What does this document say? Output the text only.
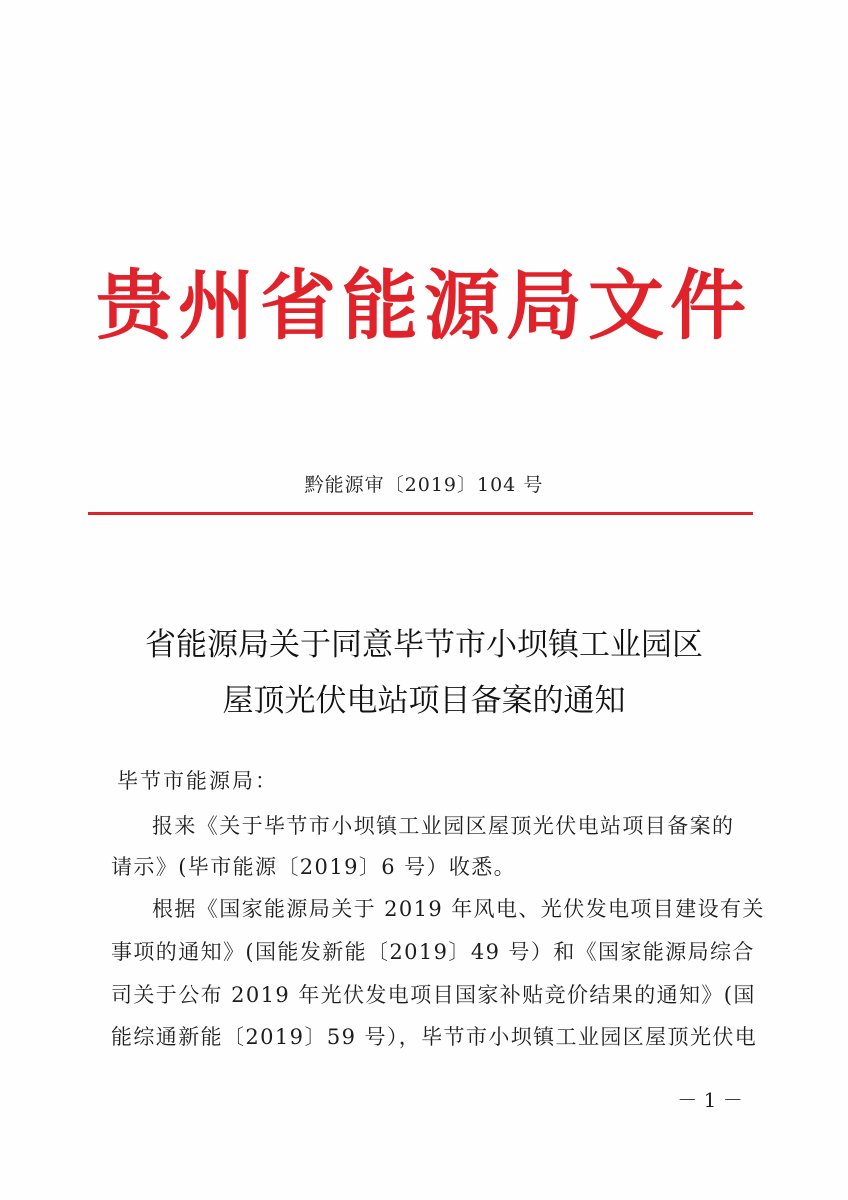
贵州省能源局文件
黔能源审〔2019〕104 号
省能源局关于同意毕节市小坝镇工业园区
屋顶光伏电站项目备案的通知
毕节市能源局：
报来《关于毕节市小坝镇工业园区屋顶光伏电站项目备案的
请示》(毕市能源〔2019〕6 号）收悉。
根据《国家能源局关于 2019 年风电、光伏发电项目建设有关
事项的通知》(国能发新能〔2019〕49 号）和《国家能源局综合
司关于公布 2019 年光伏发电项目国家补贴竞价结果的通知》(国
能综通新能〔2019〕59 号），毕节市小坝镇工业园区屋顶光伏电
－ 1 －
